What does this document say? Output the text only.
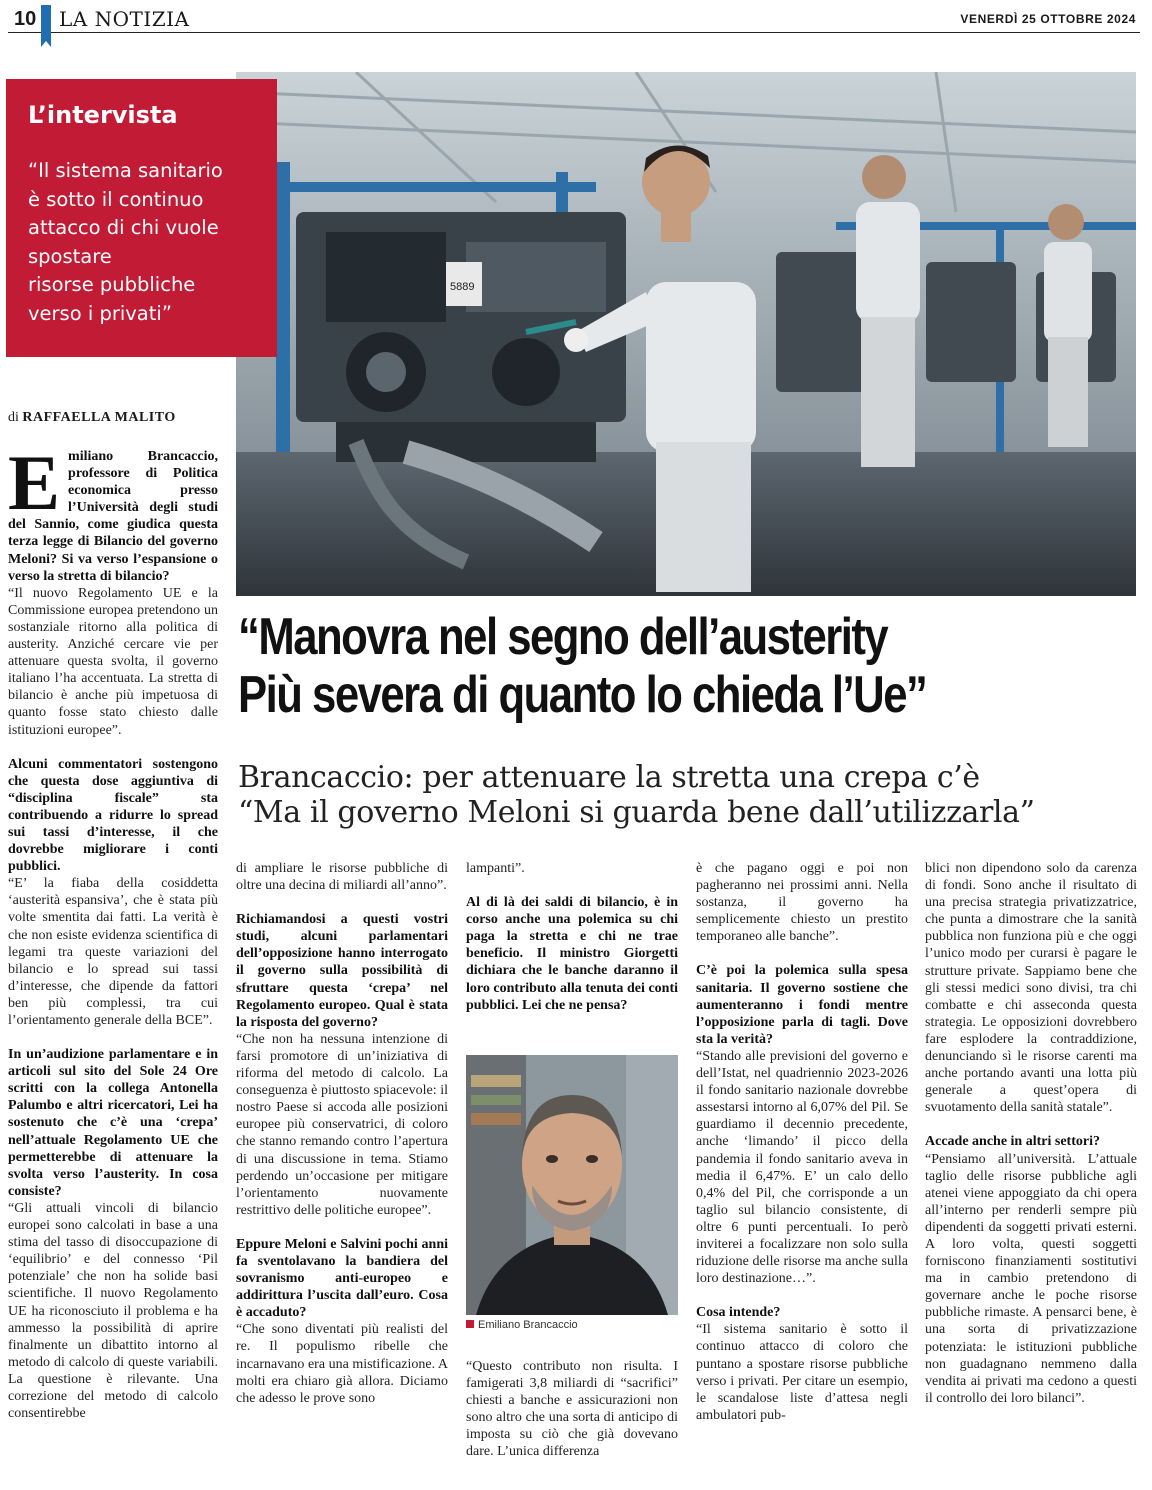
10 LA NOTIZIA	VENERDÌ 25 OTTOBRE 2024
5889
L’intervista
“Il sistema sanitario
è sotto il continuo
attacco di chi vuole
spostare
risorse pubbliche
verso i privati”
di RAFFAELLA MALITO
“Manovra nel segno dell’austerity
Più severa di quanto lo chieda l’Ue”
Brancaccio: per attenuare la stretta una crepa c’è
“Ma il governo Meloni si guarda bene dall’utilizzarla”

Emiliano Brancaccio, professore di Politica economica presso l’Università degli studi del Sannio, come giudica questa terza legge di Bilancio del governo Meloni? Si va verso l’espansione o verso la stretta di bilancio?

“Il nuovo Regolamento UE e la Commissione europea pretendono un sostanziale ritorno alla politica di austerity. Anziché cercare vie per attenuare questa svolta, il governo italiano l’ha accentuata. La stretta di bilancio è anche più impetuosa di quanto fosse stato chiesto dalle istituzioni europee”.

Alcuni commentatori sostengono che questa dose aggiuntiva di “disciplina fiscale” sta contribuendo a ridurre lo spread sui tassi d’interesse, il che dovrebbe migliorare i conti pubblici.

“E’ la fiaba della cosiddetta ‘austerità espansiva’, che è stata più volte smentita dai fatti. La verità è che non esiste evidenza scientifica di legami tra queste variazioni del bilancio e lo spread sui tassi d’interesse, che dipende da fattori ben più complessi, tra cui l’orientamento generale della BCE”.

In un’audizione parlamentare e in articoli sul sito del Sole 24 Ore scritti con la collega Antonella Palumbo e altri ricercatori, Lei ha sostenuto che c’è una ‘crepa’ nell’attuale Regolamento UE che permetterebbe di attenuare la svolta verso l’austerity. In cosa consiste?

“Gli attuali vincoli di bilancio europei sono calcolati in base a una stima del tasso di disoccupazione di ‘equilibrio’ e del connesso ‘Pil potenziale’ che non ha solide basi scientifiche. Il nuovo Regolamento UE ha riconosciuto il problema e ha ammesso la possibilità di aprire finalmente un dibattito intorno al metodo di calcolo di queste variabili. La questione è rilevante. Una correzione del metodo di calcolo consentirebbe

di ampliare le risorse pubbliche di oltre una decina di miliardi all’anno”.

Richiamandosi a questi vostri studi, alcuni parlamentari dell’opposizione hanno interrogato il governo sulla possibilità di sfruttare questa ‘crepa’ nel Regolamento europeo. Qual è stata la risposta del governo?

“Che non ha nessuna intenzione di farsi promotore di un’iniziativa di riforma del metodo di calcolo. La conseguenza è piuttosto spiacevole: il nostro Paese si accoda alle posizioni europee più conservatrici, di coloro che stanno remando contro l’apertura di una discussione in tema. Stiamo perdendo un’occasione per mitigare l’orientamento nuovamente restrittivo delle politiche europee”.

Eppure Meloni e Salvini pochi anni fa sventolavano la bandiera del sovranismo anti-europeo e addirittura l’uscita dall’euro. Cosa è accaduto?

“Che sono diventati più realisti del re. Il populismo ribelle che incarnavano era una mistificazione. A molti era chiaro già allora. Diciamo che adesso le prove sono

lampanti”.

Al di là dei saldi di bilancio, è in corso anche una polemica su chi paga la stretta e chi ne trae beneficio. Il ministro Giorgetti dichiara che le banche daranno il loro contributo alla tenuta dei conti pubblici. Lei che ne pensa?

Emiliano Brancaccio

“Questo contributo non risulta. I famigerati 3,8 miliardi di “sacrifici” chiesti a banche e assicurazioni non sono altro che una sorta di anticipo di imposta su ciò che già dovevano dare. L’unica differenza

è che pagano oggi e poi non pagheranno nei prossimi anni. Nella sostanza, il governo ha semplicemente chiesto un prestito temporaneo alle banche”.

C’è poi la polemica sulla spesa sanitaria. Il governo sostiene che aumenteranno i fondi mentre l’opposizione parla di tagli. Dove sta la verità?

“Stando alle previsioni del governo e dell’Istat, nel quadriennio 2023-2026 il fondo sanitario nazionale dovrebbe assestarsi intorno al 6,07% del Pil. Se guardiamo il decennio precedente, anche ‘limando’ il picco della pandemia il fondo sanitario aveva in media il 6,47%. E’ un calo dello 0,4% del Pil, che corrisponde a un taglio sul bilancio consistente, di oltre 6 punti percentuali. Io però inviterei a focalizzare non solo sulla riduzione delle risorse ma anche sulla loro destinazione…”.

Cosa intende?

“Il sistema sanitario è sotto il continuo attacco di coloro che puntano a spostare risorse pubbliche verso i privati. Per citare un esempio, le scandalose liste d’attesa negli ambulatori pub-

blici non dipendono solo da carenza di fondi. Sono anche il risultato di una precisa strategia privatizzatrice, che punta a dimostrare che la sanità pubblica non funziona più e che oggi l’unico modo per curarsi è pagare le strutture private. Sappiamo bene che gli stessi medici sono divisi, tra chi combatte e chi asseconda questa strategia. Le opposizioni dovrebbero fare esplodere la contraddizione, denunciando sì le risorse carenti ma anche portando avanti una lotta più generale a quest’opera di svuotamento della sanità statale”.

Accade anche in altri settori?

“Pensiamo all’università. L’attuale taglio delle risorse pubbliche agli atenei viene appoggiato da chi opera all’interno per renderli sempre più dipendenti da soggetti privati esterni. A loro volta, questi soggetti forniscono finanziamenti sostitutivi ma in cambio pretendono di governare anche le poche risorse pubbliche rimaste. A pensarci bene, è una sorta di privatizzazione potenziata: le istituzioni pubbliche non guadagnano nemmeno dalla vendita ai privati ma cedono a questi il controllo dei loro bilanci”.
